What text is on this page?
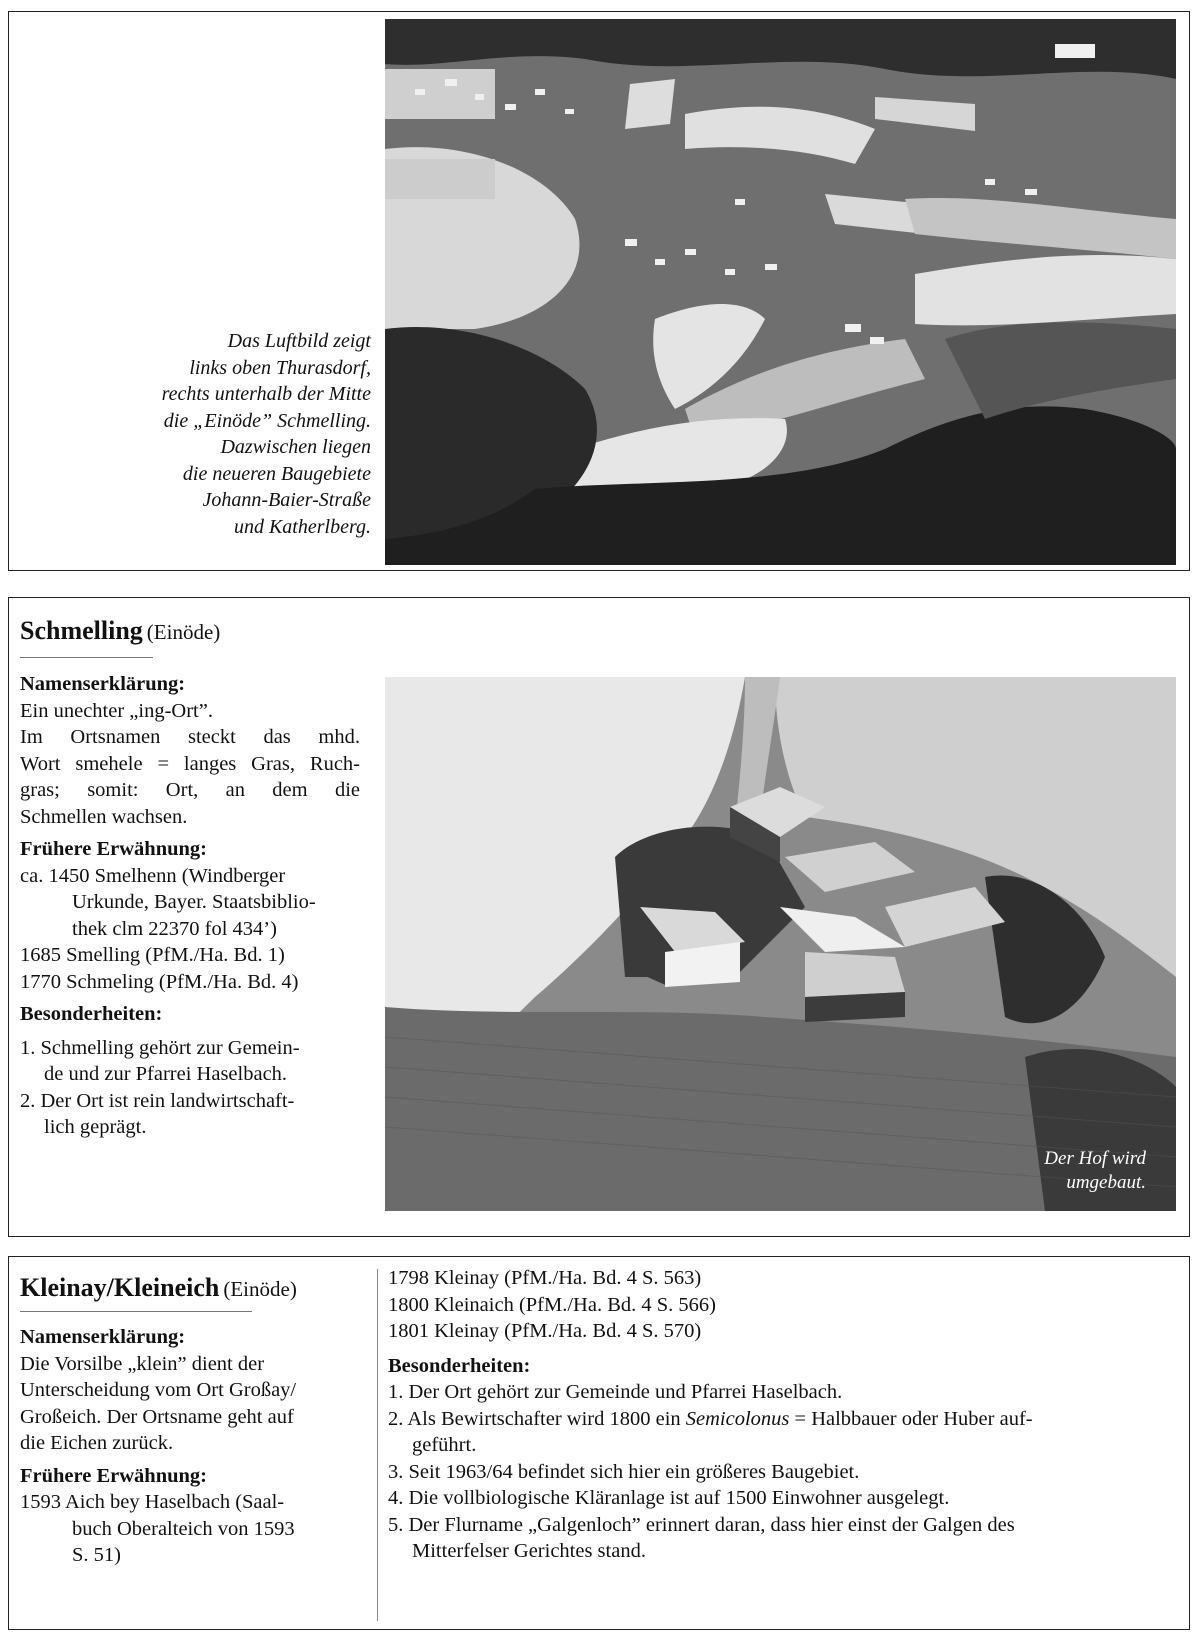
Das Luftbild zeigt
links oben Thurasdorf,
rechts unterhalb der Mitte
die „Einöde” Schmelling.
Dazwischen liegen
die neueren Baugebiete
Johann-Baier-Straße
und Katherlberg.
Schmelling (Einöde)
Namenserklärung:
Ein unechter „ing-Ort”.
Im Ortsnamen steckt das mhd.
Wort smehele = langes Gras, Ruch-
gras; somit: Ort, an dem die
Schmellen wachsen.
Frühere Erwähnung:
ca. 1450 Smelhenn (Windberger
Urkunde, Bayer. Staatsbiblio-
thek clm 22370 fol 434’)
1685 Smelling (PfM./Ha. Bd. 1)
1770 Schmeling (PfM./Ha. Bd. 4)
Besonderheiten:
1. Schmelling gehört zur Gemein-
de und zur Pfarrei Haselbach.
2. Der Ort ist rein landwirtschaft-
lich geprägt.
Der Hof wird
umgebaut.
Kleinay/Kleineich (Einöde)
Namenserklärung:
Die Vorsilbe „klein” dient der
Unterscheidung vom Ort Großay/
Großeich. Der Ortsname geht auf
die Eichen zurück.
Frühere Erwähnung:
1593 Aich bey Haselbach (Saal-
buch Oberalteich von 1593
S. 51)
1798 Kleinay (PfM./Ha. Bd. 4 S. 563)
1800 Kleinaich (PfM./Ha. Bd. 4 S. 566)
1801 Kleinay (PfM./Ha. Bd. 4 S. 570)
Besonderheiten:
1. Der Ort gehört zur Gemeinde und Pfarrei Haselbach.
2. Als Bewirtschafter wird 1800 ein Semicolonus = Halbbauer oder Huber auf-
geführt.
3. Seit 1963/64 befindet sich hier ein größeres Baugebiet.
4. Die vollbiologische Kläranlage ist auf 1500 Einwohner ausgelegt.
5. Der Flurname „Galgenloch” erinnert daran, dass hier einst der Galgen des
Mitterfelser Gerichtes stand.
